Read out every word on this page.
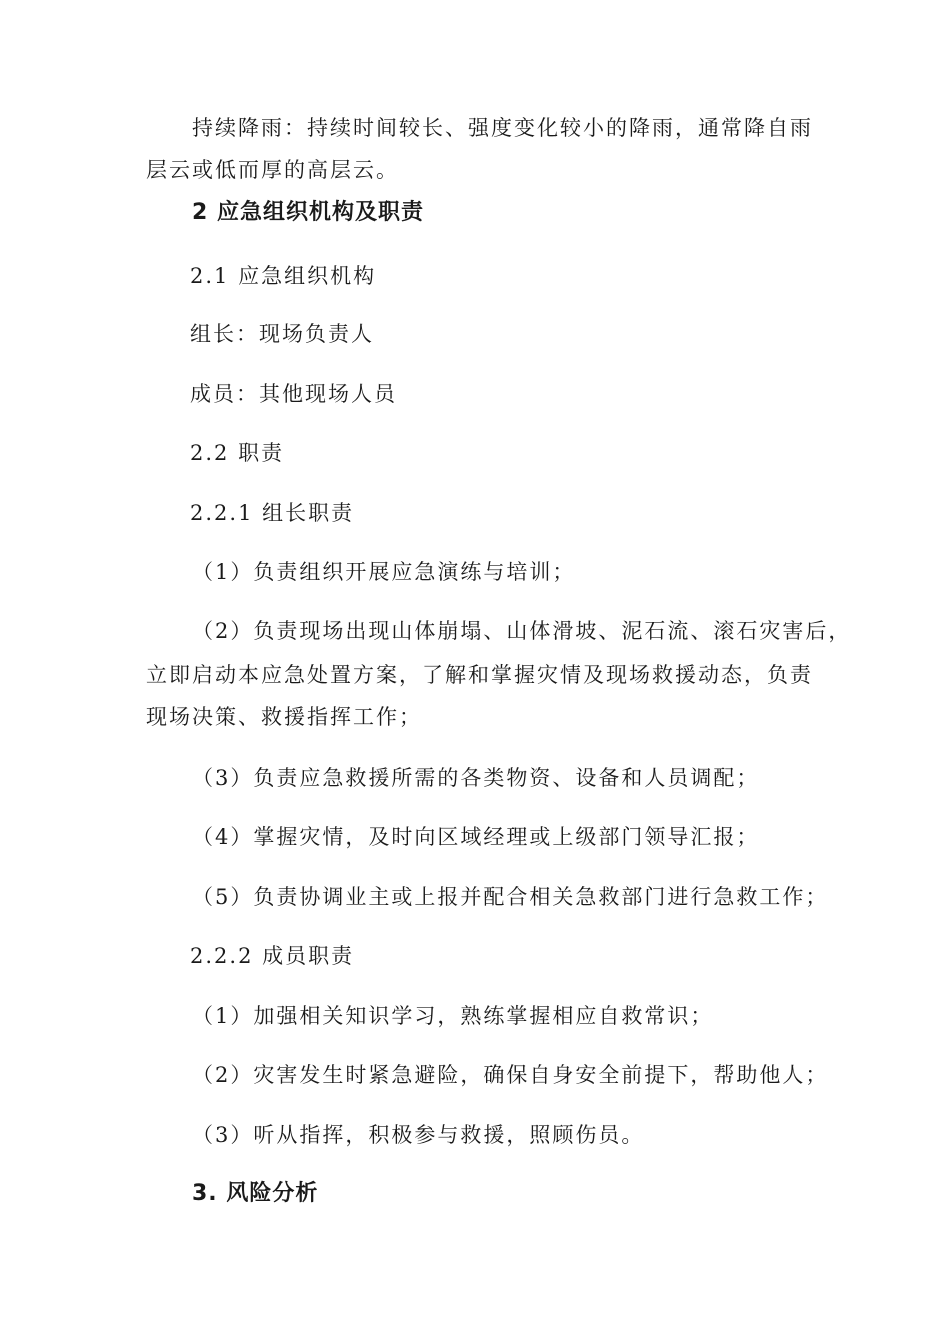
持续降雨：持续时间较长、强度变化较小的降雨，通常降自雨
层云或低而厚的高层云。
2 应急组织机构及职责
2.1 应急组织机构
组长：现场负责人
成员：其他现场人员
2.2 职责
2.2.1 组长职责
（1）负责组织开展应急演练与培训；
（2）负责现场出现山体崩塌、山体滑坡、泥石流、滚石灾害后，
立即启动本应急处置方案，了解和掌握灾情及现场救援动态，负责
现场决策、救援指挥工作；
（3）负责应急救援所需的各类物资、设备和人员调配；
（4）掌握灾情，及时向区域经理或上级部门领导汇报；
（5）负责协调业主或上报并配合相关急救部门进行急救工作；
2.2.2 成员职责
（1）加强相关知识学习，熟练掌握相应自救常识；
（2）灾害发生时紧急避险，确保自身安全前提下，帮助他人；
（3）听从指挥，积极参与救援，照顾伤员。
3. 风险分析
